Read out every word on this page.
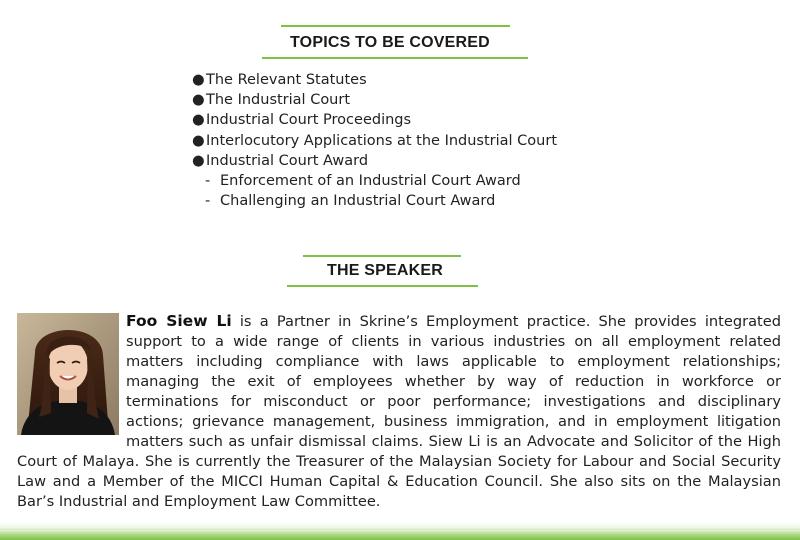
TOPICS TO BE COVERED
●The Relevant Statutes
●The Industrial Court
●Industrial Court Proceedings
●Interlocutory Applications at the Industrial Court
●Industrial Court Award
- Enforcement of an Industrial Court Award
- Challenging an Industrial Court Award
THE SPEAKER

Foo Siew Li is a Partner in Skrine’s Employment practice. She provides integrated support to a wide range of clients in various industries on all employment related matters including compliance with laws applicable to employment relationships; managing the exit of employees whether by way of reduction in workforce or terminations for misconduct or poor performance; investigations and disciplinary actions; grievance management, business immigration, and in employment litigation matters such as unfair dismissal claims. Siew Li is an Advocate and Solicitor of the High Court of Malaya. She is currently the Treasurer of the Malaysian Society for Labour and Social Security Law and a Member of the MICCI Human Capital & Education Council. She also sits on the Malaysian Bar’s Industrial and Employment Law Committee.
